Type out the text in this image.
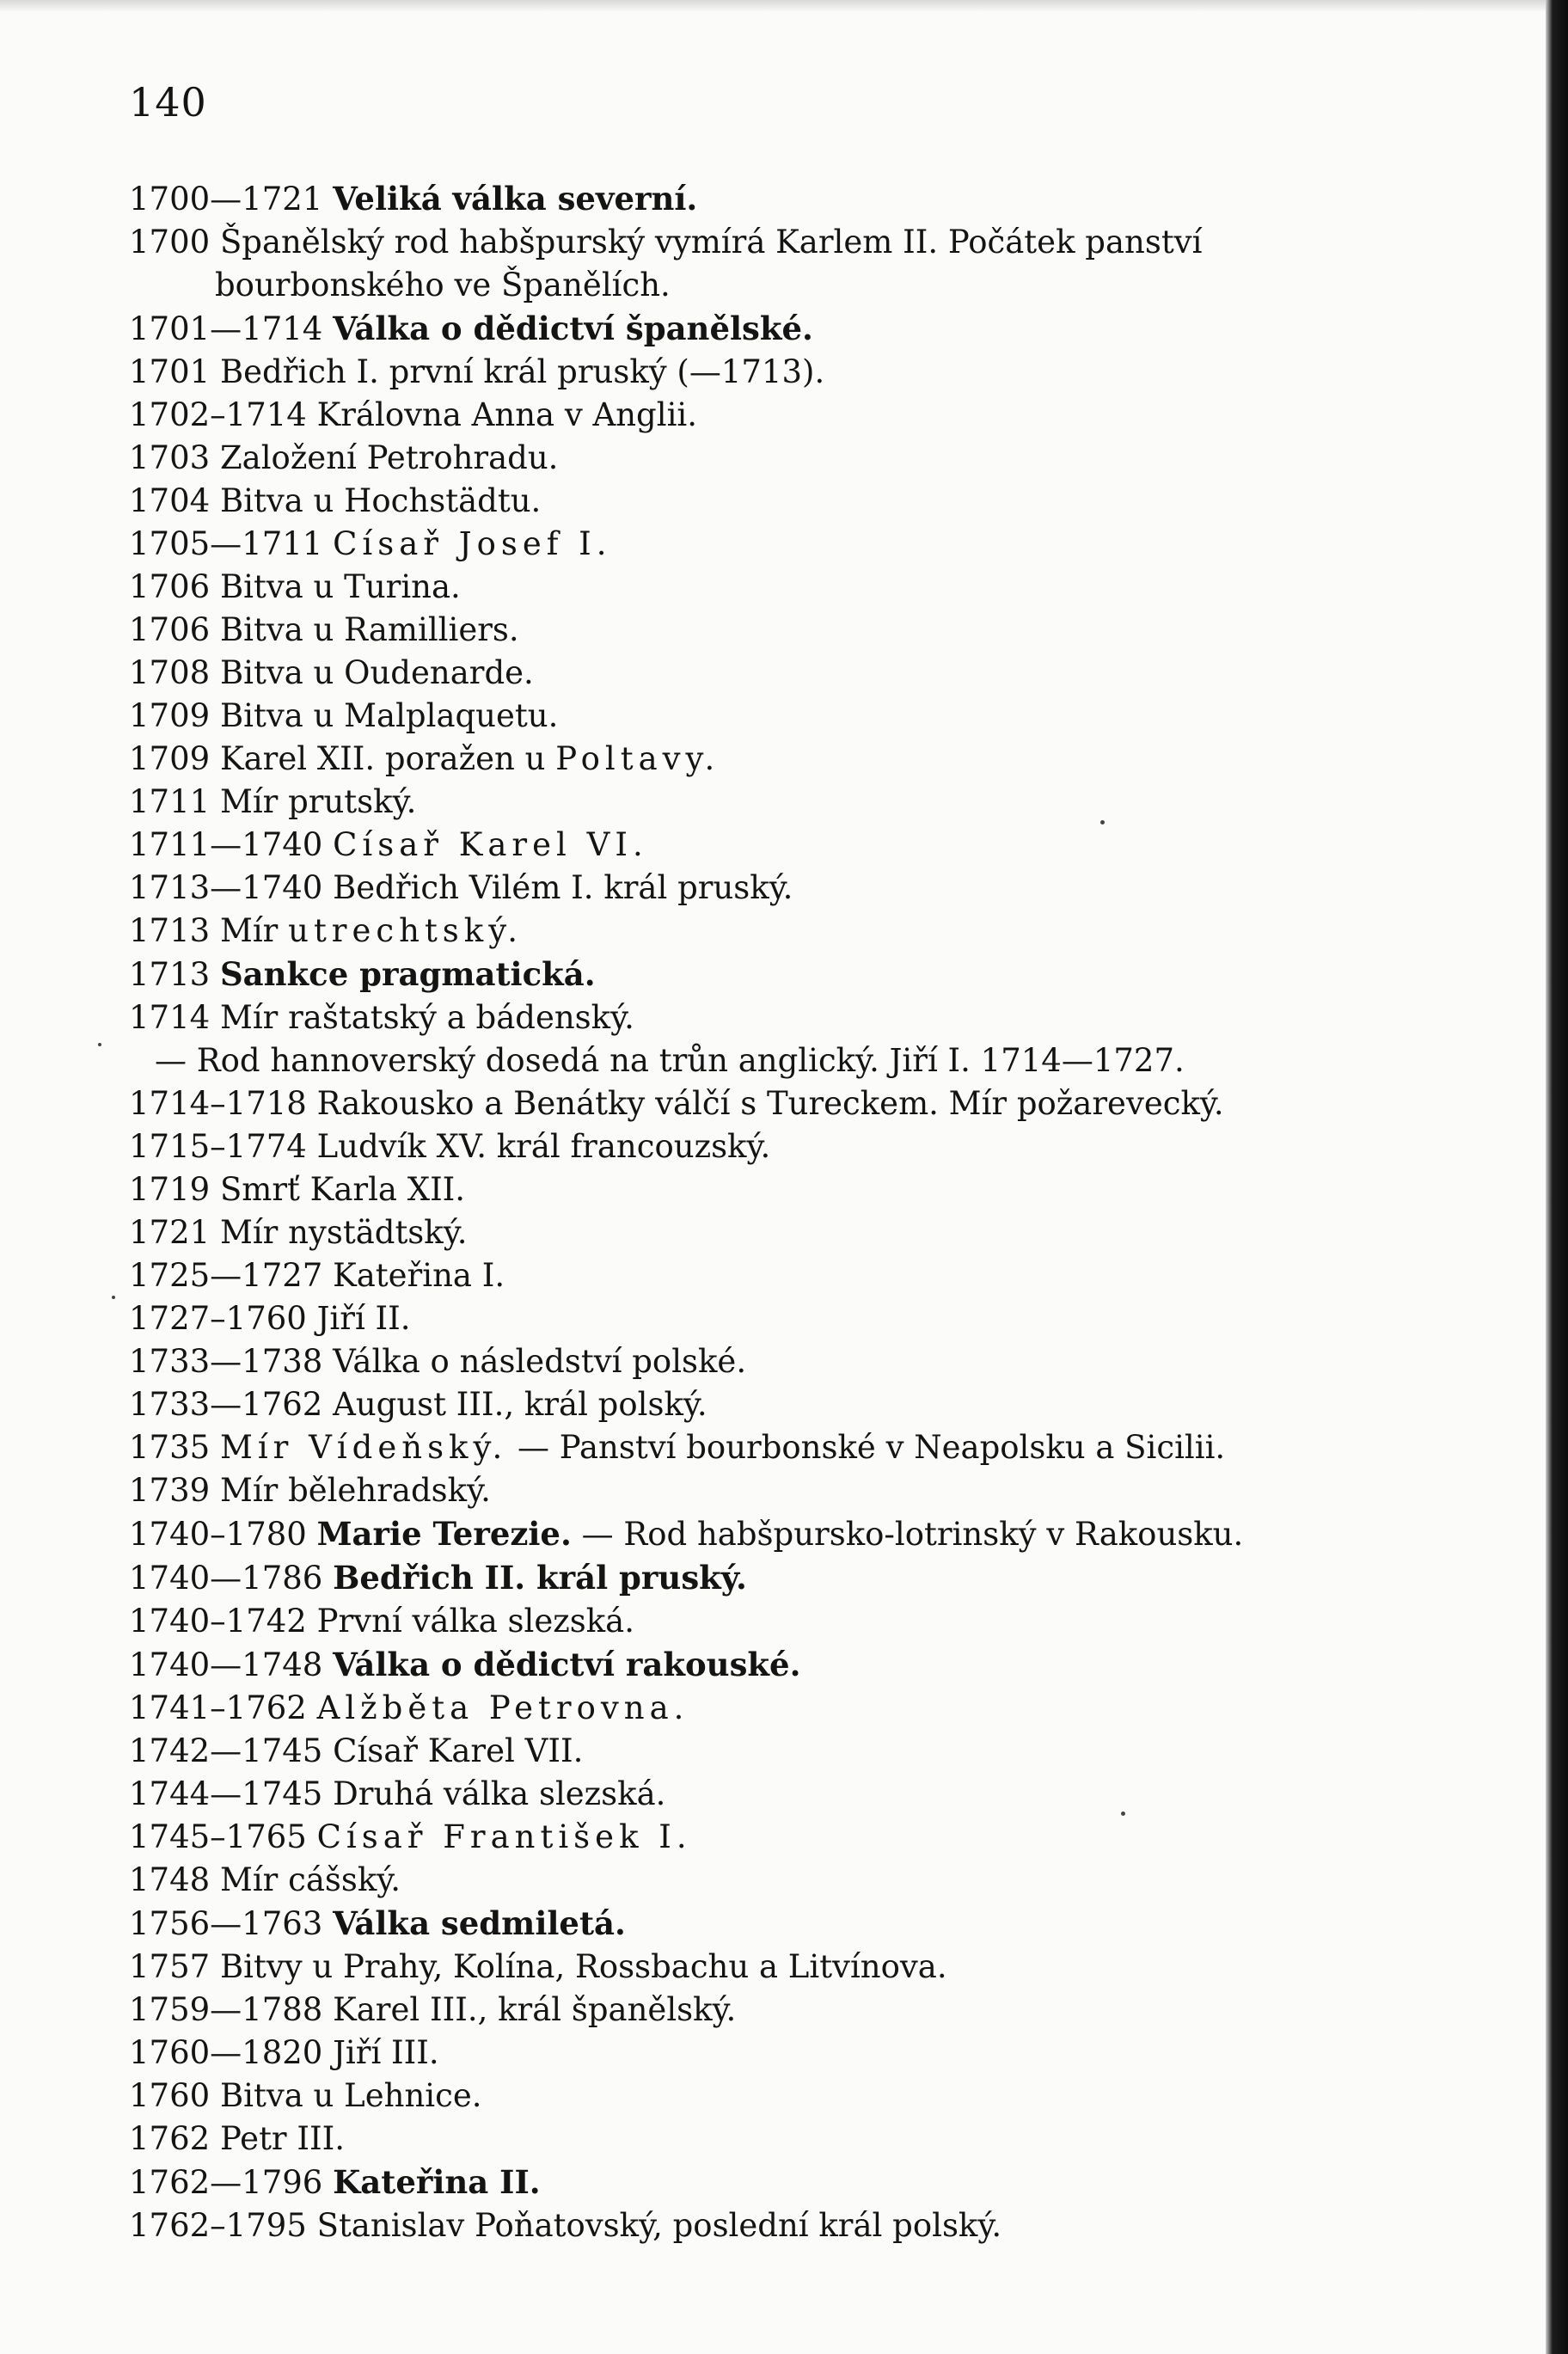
140
1700—1721 Veliká válka severní.
1700 Španělský rod habšpurský vymírá Karlem II. Počátek panství bourbonského ve Španělích.
1701—1714 Válka o dědictví španělské.
1701 Bedřich I. první král pruský (—1713).
1702–1714 Královna Anna v Anglii.
1703 Založení Petrohradu.
1704 Bitva u Hochstädtu.
1705—1711 Císař Josef I.
1706 Bitva u Turina.
1706 Bitva u Ramilliers.
1708 Bitva u Oudenarde.
1709 Bitva u Malplaquetu.
1709 Karel XII. poražen u Poltavy.
1711 Mír prutský.
1711—1740 Císař Karel VI.
1713—1740 Bedřich Vilém I. král pruský.
1713 Mír utrechtský.
1713 Sankce pragmatická.
1714 Mír raštatský a bádenský.
— Rod hannoverský dosedá na trůn anglický. Jiří I. 1714—1727.
1714–1718 Rakousko a Benátky válčí s Tureckem. Mír požarevecký.
1715–1774 Ludvík XV. král francouzský.
1719 Smrť Karla XII.
1721 Mír nystädtský.
1725—1727 Kateřina I.
1727–1760 Jiří II.
1733—1738 Válka o následství polské.
1733—1762 August III., král polský.
1735 Mír Vídeňský. — Panství bourbonské v Neapolsku a Sicilii.
1739 Mír bělehradský.
1740–1780 Marie Terezie. — Rod habšpursko-lotrinský v Rakousku.
1740—1786 Bedřich II. král pruský.
1740–1742 První válka slezská.
1740—1748 Válka o dědictví rakouské.
1741–1762 Alžběta Petrovna.
1742—1745 Císař Karel VII.
1744—1745 Druhá válka slezská.
1745–1765 Císař František I.
1748 Mír cášský.
1756—1763 Válka sedmiletá.
1757 Bitvy u Prahy, Kolína, Rossbachu a Litvínova.
1759—1788 Karel III., král španělský.
1760—1820 Jiří III.
1760 Bitva u Lehnice.
1762 Petr III.
1762—1796 Kateřina II.
1762–1795 Stanislav Poňatovský, poslední král polský.
